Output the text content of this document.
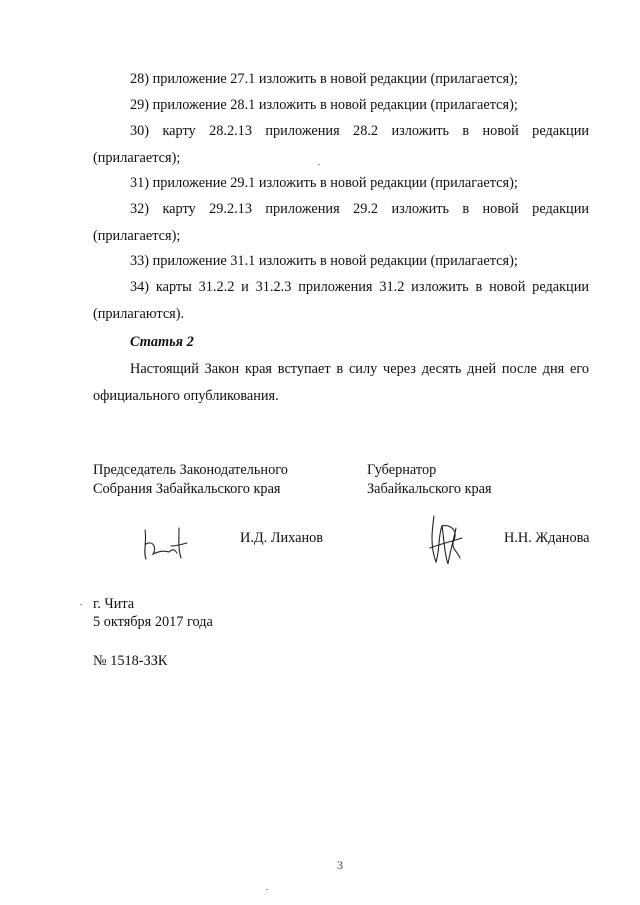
28) приложение 27.1 изложить в новой редакции (прилагается);

29) приложение 28.1 изложить в новой редакции (прилагается);

30) карту 28.2.13 приложения 28.2 изложить в новой редакции (прилагается);

31) приложение 29.1 изложить в новой редакции (прилагается);

32) карту 29.2.13 приложения 29.2 изложить в новой редакции (прилагается);

33) приложение 31.1 изложить в новой редакции (прилагается);

34) карты 31.2.2 и 31.2.3 приложения 31.2 изложить в новой редакции (прилагаются).

Статья 2

Настоящий Закон края вступает в силу через десять дней после дня его официального опубликования.

Председатель Законодательного

Собрания Забайкальского края

Губернатор

Забайкальского края

И.Д. Лиханов	Н.Н. Жданова

г. Чита

5 октября 2017 года

№ 1518-ЗЗК

3
